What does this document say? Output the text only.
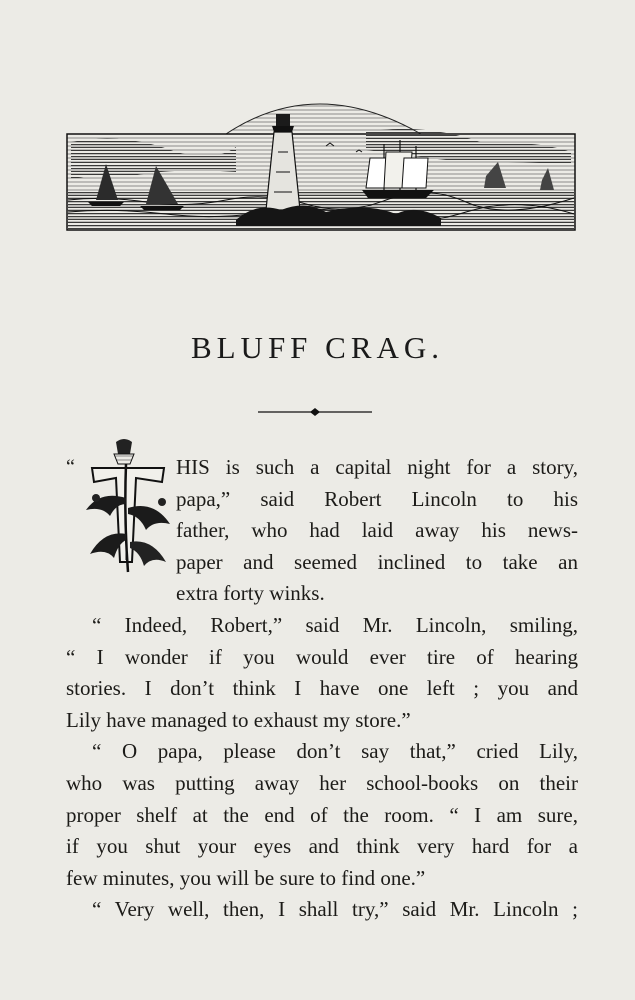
BLUFF CRAG.
“	HIS is such a capital night for a story,
papa,” said Robert Lincoln to his
father, who had laid away his news-
paper and seemed inclined to take an
extra forty winks.
“ Indeed, Robert,” said Mr. Lincoln, smiling,
“ I wonder if you would ever tire of hearing
stories. I don’t think I have one left ; you and
Lily have managed to exhaust my store.”
“ O papa, please don’t say that,” cried Lily,
who was putting away her school-books on their
proper shelf at the end of the room. “ I am sure,
if you shut your eyes and think very hard for a
few minutes, you will be sure to find one.”
“ Very well, then, I shall try,” said Mr. Lincoln ;
